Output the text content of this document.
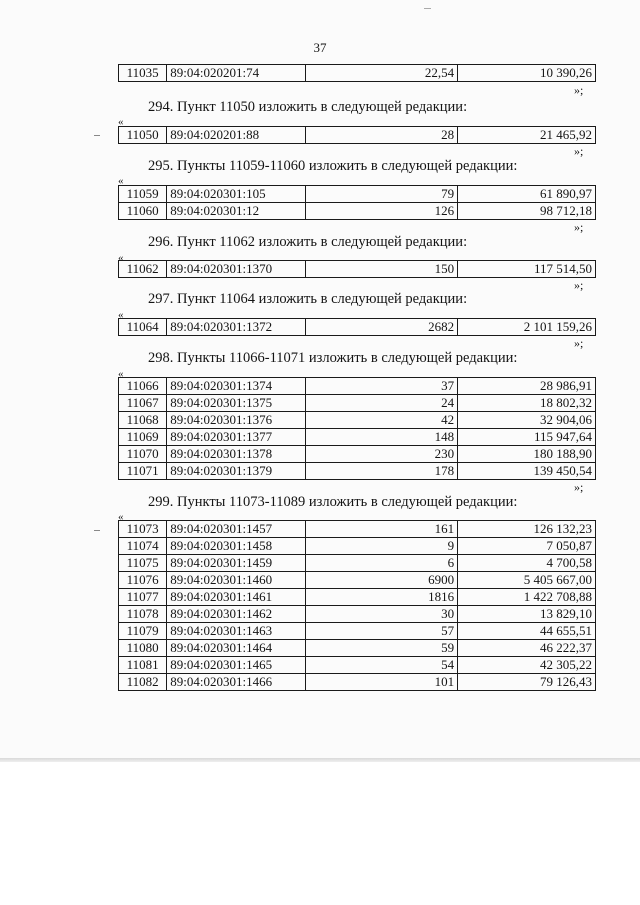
37
11035	89:04:020201:74	22,54	10 390,26
»;
294. Пункт 11050 изложить в следующей редакции:
«
11050	89:04:020201:88	28	21 465,92
»;
295. Пункты 11059-11060 изложить в следующей редакции:
«
11059	89:04:020301:105	79	61 890,97
11060	89:04:020301:12	126	98 712,18
»;
296. Пункт 11062 изложить в следующей редакции:
«
11062	89:04:020301:1370	150	117 514,50
»;
297. Пункт 11064 изложить в следующей редакции:
«
11064	89:04:020301:1372	2682	2 101 159,26
»;
298. Пункты 11066-11071 изложить в следующей редакции:
«
11066	89:04:020301:1374	37	28 986,91
11067	89:04:020301:1375	24	18 802,32
11068	89:04:020301:1376	42	32 904,06
11069	89:04:020301:1377	148	115 947,64
11070	89:04:020301:1378	230	180 188,90
11071	89:04:020301:1379	178	139 450,54
»;
299. Пункты 11073-11089 изложить в следующей редакции:
«
11073	89:04:020301:1457	161	126 132,23
11074	89:04:020301:1458	9	7 050,87
11075	89:04:020301:1459	6	4 700,58
11076	89:04:020301:1460	6900	5 405 667,00
11077	89:04:020301:1461	1816	1 422 708,88
11078	89:04:020301:1462	30	13 829,10
11079	89:04:020301:1463	57	44 655,51
11080	89:04:020301:1464	59	46 222,37
11081	89:04:020301:1465	54	42 305,22
11082	89:04:020301:1466	101	79 126,43
